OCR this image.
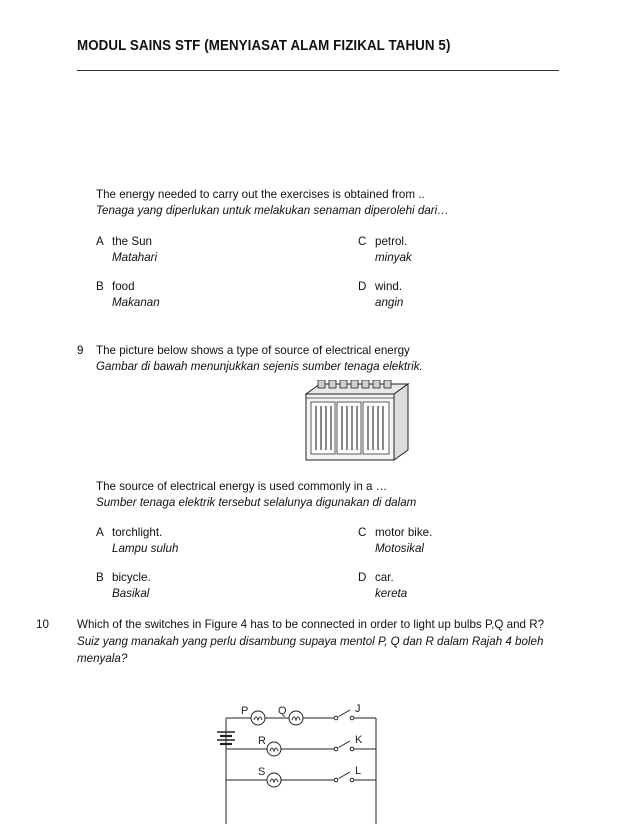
MODUL SAINS STF (MENYIASAT ALAM FIZIKAL TAHUN 5)
The energy needed to carry out the exercises is obtained from ..
Tenaga yang diperlukan untuk melakukan senaman diperolehi dari…
A the Sun
Matahari
C petrol.
minyak
B food
Makanan
D wind.
angin
9 The picture below shows a type of source of electrical energy
Gambar di bawah menunjukkan sejenis sumber tenaga elektrik.
The source of electrical energy is used commonly in a …
Sumber tenaga elektrik tersebut selalunya digunakan di dalam
A torchlight.
Lampu suluh
C motor bike.
Motosikal
B bicycle.
Basikal
D car.
kereta
10 Which of the switches in Figure 4 has to be connected in order to light up bulbs P,Q and R?
Suiz yang manakah yang perlu disambung supaya mentol P, Q dan R dalam Rajah 4 boleh
menyala?
P	Q
R
S
J
K
L
